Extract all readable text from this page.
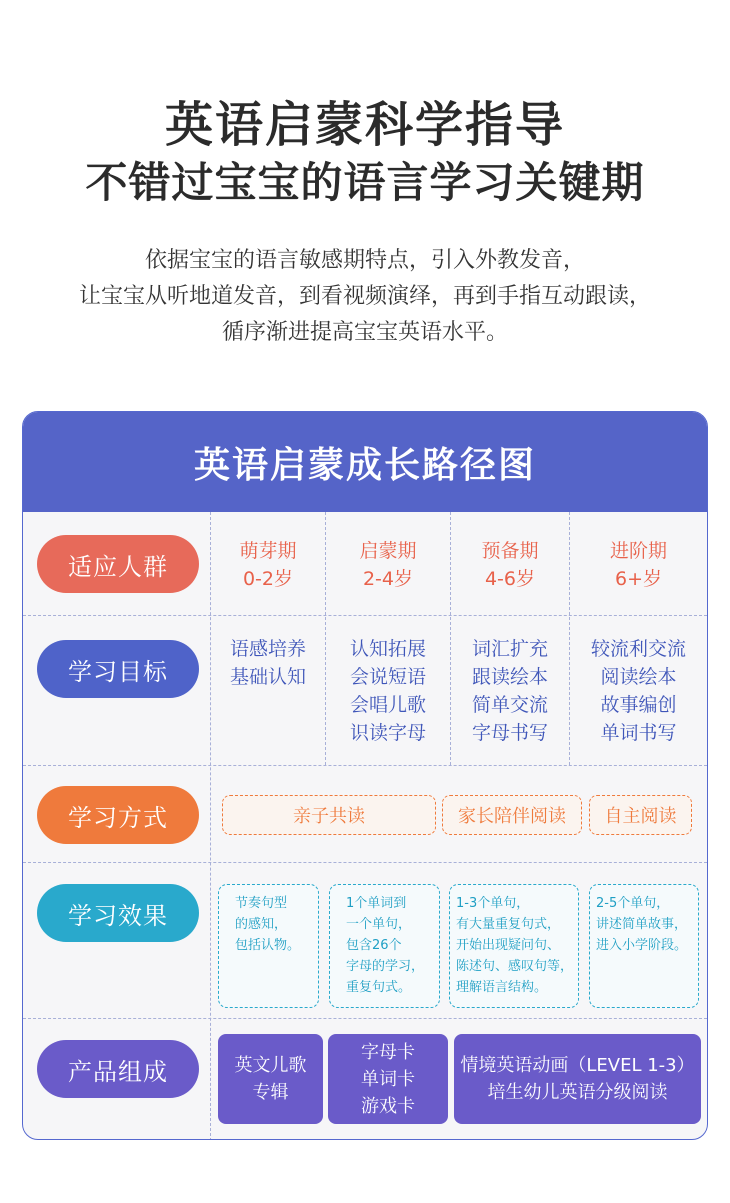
英语启蒙科学指导
不错过宝宝的语言学习关键期
依据宝宝的语言敏感期特点，引入外教发音，
让宝宝从听地道发音，到看视频演绎，再到手指互动跟读，
循序渐进提高宝宝英语水平。
英语启蒙成长路径图
适应人群
学习目标
学习方式
学习效果
产品组成
萌芽期
0-2岁
启蒙期
2-4岁
预备期
4-6岁
进阶期
6+岁
语感培养
基础认知
认知拓展
会说短语
会唱儿歌
识读字母
词汇扩充
跟读绘本
简单交流
字母书写
较流利交流
阅读绘本
故事编创
单词书写
亲子共读	家长陪伴阅读	自主阅读
节奏句型
的感知，
包括认物。
1个单词到
一个单句，
包含26个
字母的学习，
重复句式。
1-3个单句，
有大量重复句式，
开始出现疑问句、
陈述句、感叹句等，
理解语言结构。
2-5个单句，
讲述简单故事，
进入小学阶段。
英文儿歌
专辑
字母卡
单词卡
游戏卡
情境英语动画（LEVEL 1-3）
培生幼儿英语分级阅读
